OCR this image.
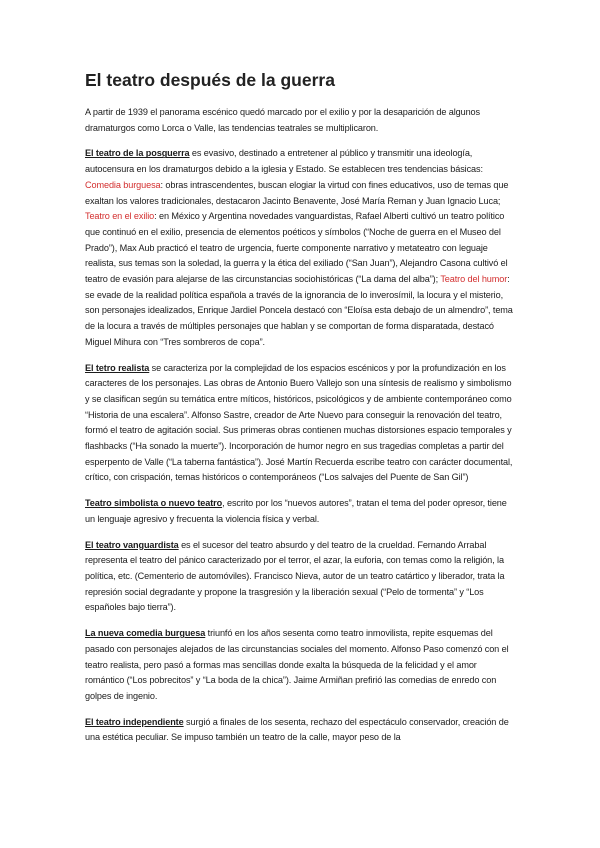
El teatro después de la guerra

A partir de 1939 el panorama escénico quedó marcado por el exilio y por la desaparición de algunos dramaturgos como Lorca o Valle, las tendencias teatrales se multiplicaron.

El teatro de la posguerra es evasivo, destinado a entretener al público y transmitir una ideología, autocensura en los dramaturgos debido a la iglesia y Estado. Se establecen tres tendencias básicas: Comedia burguesa: obras intrascendentes, buscan elogiar la virtud con fines educativos, uso de temas que exaltan los valores tradicionales, destacaron Jacinto Benavente, José María Reman y Juan Ignacio Luca; Teatro en el exilio: en México y Argentina novedades vanguardistas, Rafael Alberti cultivó un teatro político que continuó en el exilio, presencia de elementos poéticos y símbolos (“Noche de guerra en el Museo del Prado”), Max Aub practicó el teatro de urgencia, fuerte componente narrativo y metateatro con leguaje realista, sus temas son la soledad, la guerra y la ética del exiliado (“San Juan”), Alejandro Casona cultivó el teatro de evasión para alejarse de las circunstancias sociohistóricas (“La dama del alba”); Teatro del humor: se evade de la realidad política española a través de la ignorancia de lo inverosímil, la locura y el misterio, son personajes idealizados, Enrique Jardiel Poncela destacó con “Eloísa esta debajo de un almendro”, tema de la locura a través de múltiples personajes que hablan y se comportan de forma disparatada, destacó Miguel Mihura con “Tres sombreros de copa”.

El tetro realista se caracteriza por la complejidad de los espacios escénicos y por la profundización en los caracteres de los personajes. Las obras de Antonio Buero Vallejo son una síntesis de realismo y simbolismo y se clasifican según su temática entre míticos, históricos, psicológicos y de ambiente contemporáneo como “Historia de una escalera”. Alfonso Sastre, creador de Arte Nuevo para conseguir la renovación del teatro, formó el teatro de agitación social. Sus primeras obras contienen muchas distorsiones espacio temporales y flashbacks (“Ha sonado la muerte”). Incorporación de humor negro en sus tragedias completas a partir del esperpento de Valle (“La taberna fantástica”). José Martín Recuerda escribe teatro con carácter documental, crítico, con crispación, temas históricos o contemporáneos (“Los salvajes del Puente de San Gil”)

Teatro simbolista o nuevo teatro, escrito por los “nuevos autores”, tratan el tema del poder opresor, tiene un lenguaje agresivo y frecuenta la violencia física y verbal.

El teatro vanguardista es el sucesor del teatro absurdo y del teatro de la crueldad. Fernando Arrabal representa el teatro del pánico caracterizado por el terror, el azar, la euforia, con temas como la religión, la política, etc. (Cementerio de automóviles). Francisco Nieva, autor de un teatro catártico y liberador, trata la represión social degradante y propone la trasgresión y la liberación sexual (“Pelo de tormenta” y “Los españoles bajo tierra”).

La nueva comedia burguesa triunfó en los años sesenta como teatro inmovilista, repite esquemas del pasado con personajes alejados de las circunstancias sociales del momento. Alfonso Paso comenzó con el teatro realista, pero pasó a formas mas sencillas donde exalta la búsqueda de la felicidad y el amor romántico (“Los pobrecitos” y “La boda de la chica”). Jaime Armiñan prefirió las comedias de enredo con golpes de ingenio.

El teatro independiente surgió a finales de los sesenta, rechazo del espectáculo conservador, creación de una estética peculiar. Se impuso también un teatro de la calle, mayor peso de la
